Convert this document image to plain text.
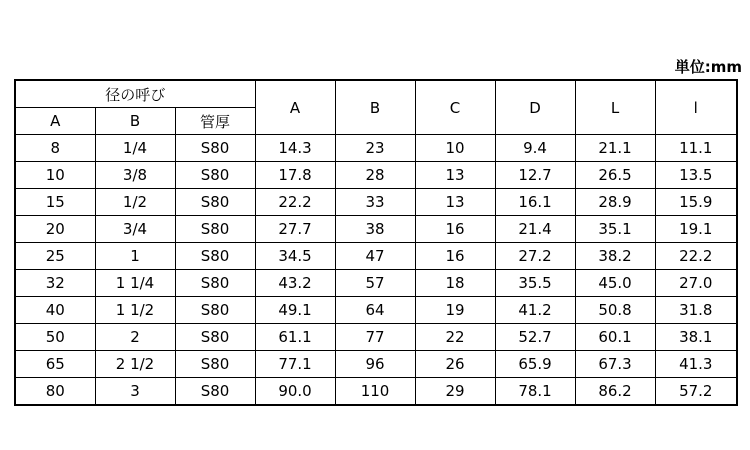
単位:mm
径の呼び			A	B	C	D	L	l
A	B	管厚						
8	1/4	S80	14.3	23	10	9.4	21.1	11.1
10	3/8	S80	17.8	28	13	12.7	26.5	13.5
15	1/2	S80	22.2	33	13	16.1	28.9	15.9
20	3/4	S80	27.7	38	16	21.4	35.1	19.1
25	1	S80	34.5	47	16	27.2	38.2	22.2
32	1 1/4	S80	43.2	57	18	35.5	45.0	27.0
40	1 1/2	S80	49.1	64	19	41.2	50.8	31.8
50	2	S80	61.1	77	22	52.7	60.1	38.1
65	2 1/2	S80	77.1	96	26	65.9	67.3	41.3
80	3	S80	90.0	110	29	78.1	86.2	57.2
